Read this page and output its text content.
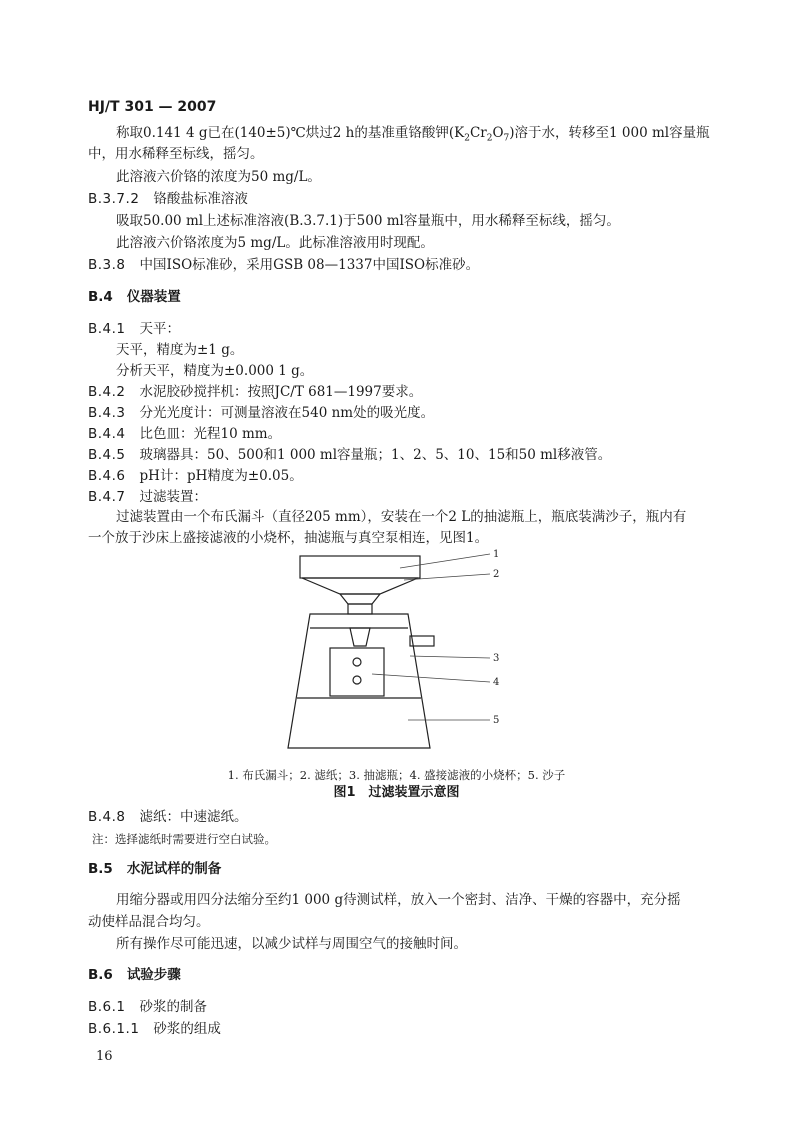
HJ/T 301 — 2007
称取0.141 4 g已在(140±5)℃烘过2 h的基准重铬酸钾$(K_2Cr_2O_7)$溶于水，转移至1 000 ml容量瓶
中，用水稀释至标线，摇匀。
此溶液六价铬的浓度为50 mg/L。
B.3.7.2 铬酸盐标准溶液
吸取50.00 ml上述标准溶液(B.3.7.1)于500 ml容量瓶中，用水稀释至标线，摇匀。
此溶液六价铬浓度为5 mg/L。此标准溶液用时现配。
B.3.8 中国ISO标准砂，采用GSB 08—1337中国ISO标准砂。
B.4 仪器装置
B.4.1 天平：
天平，精度为±1 g。
分析天平，精度为±0.000 1 g。
B.4.2 水泥胶砂搅拌机：按照JC/T 681—1997要求。
B.4.3 分光光度计：可测量溶液在540 nm处的吸光度。
B.4.4 比色皿：光程10 mm。
B.4.5 玻璃器具：50、500和1 000 ml容量瓶；1、2、5、10、15和50 ml移液管。
B.4.6 pH计：pH精度为±0.05。
B.4.7 过滤装置：
过滤装置由一个布氏漏斗（直径205 mm），安装在一个2 L的抽滤瓶上，瓶底装满沙子，瓶内有
一个放于沙床上盛接滤液的小烧杯，抽滤瓶与真空泵相连，见图1。
1
2
3
4
5
1. 布氏漏斗；2. 滤纸；3. 抽滤瓶；4. 盛接滤液的小烧杯；5. 沙子
图1　过滤装置示意图
B.4.8 滤纸：中速滤纸。
注：选择滤纸时需要进行空白试验。
B.5 水泥试样的制备
用缩分器或用四分法缩分至约1 000 g待测试样，放入一个密封、洁净、干燥的容器中，充分摇
动使样品混合均匀。
所有操作尽可能迅速，以减少试样与周围空气的接触时间。
B.6 试验步骤
B.6.1 砂浆的制备
B.6.1.1 砂浆的组成
16
